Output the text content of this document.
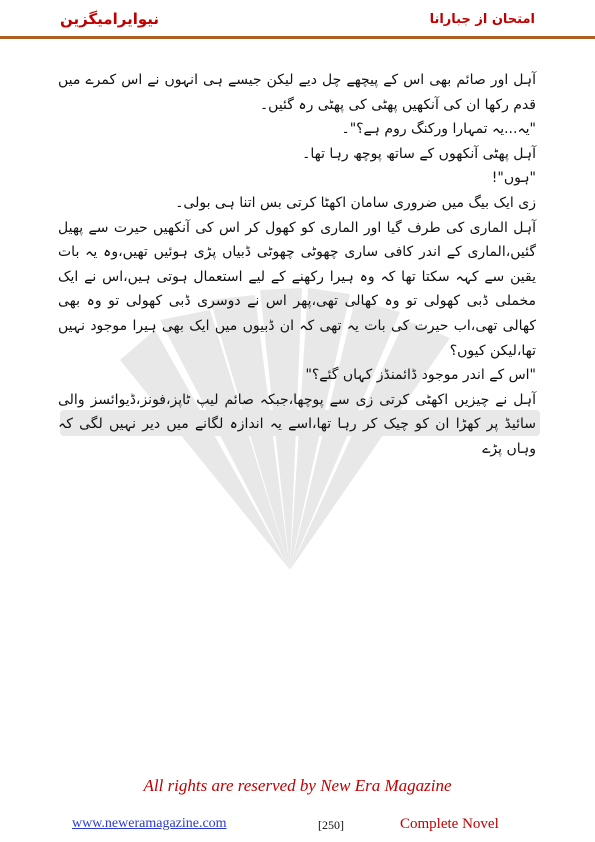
نیوایرامیگزین	امتحان از جبارانا

آہل اور صائم بھی اس کے پیچھے چل دیے لیکن جیسے ہی انہوں نے اس کمرے میں قدم رکھا ان کی آنکھیں پھٹی کی پھٹی رہ گئیں۔

"یہ...یہ تمہارا ورکنگ روم ہے؟"۔

آہل پھٹی آنکھوں کے ساتھ پوچھ رہا تھا۔

"ہوں"!

زی ایک بیگ میں ضروری سامان اکھٹا کرتی بس اتنا ہی بولی۔

آہل الماری کی طرف گیا اور الماری کو کھول کر اس کی آنکھیں حیرت سے پھیل گئیں،الماری کے اندر کافی ساری چھوٹی چھوٹی ڈبیاں پڑی ہوئیں تھیں،وہ یہ بات یقین سے کہہ سکتا تھا کہ وہ ہیرا رکھنے کے لیے استعمال ہوتی ہیں،اس نے ایک مخملی ڈبی کھولی تو وہ کھالی تھی،پھر اس نے دوسری ڈبی کھولی تو وہ بھی کھالی تھی،اب حیرت کی بات یہ تھی کہ ان ڈبیوں میں ایک بھی ہیرا موجود نہیں تھا،لیکن کیوں؟

"اس کے اندر موجود ڈائمنڈز کہاں گئے؟"

آہل نے چیزیں اکھٹی کرتی زی سے پوچھا،جبکہ صائم لیپ ٹاپز،فونز،ڈیوائسز والی سائیڈ پر کھڑا ان کو چیک کر رہا تھا،اسے یہ اندازہ لگانے میں دیر نہیں لگی کہ وہاں پڑے

All rights are reserved by New Era Magazine
www.neweramagazine.com	[250]	Complete Novel
